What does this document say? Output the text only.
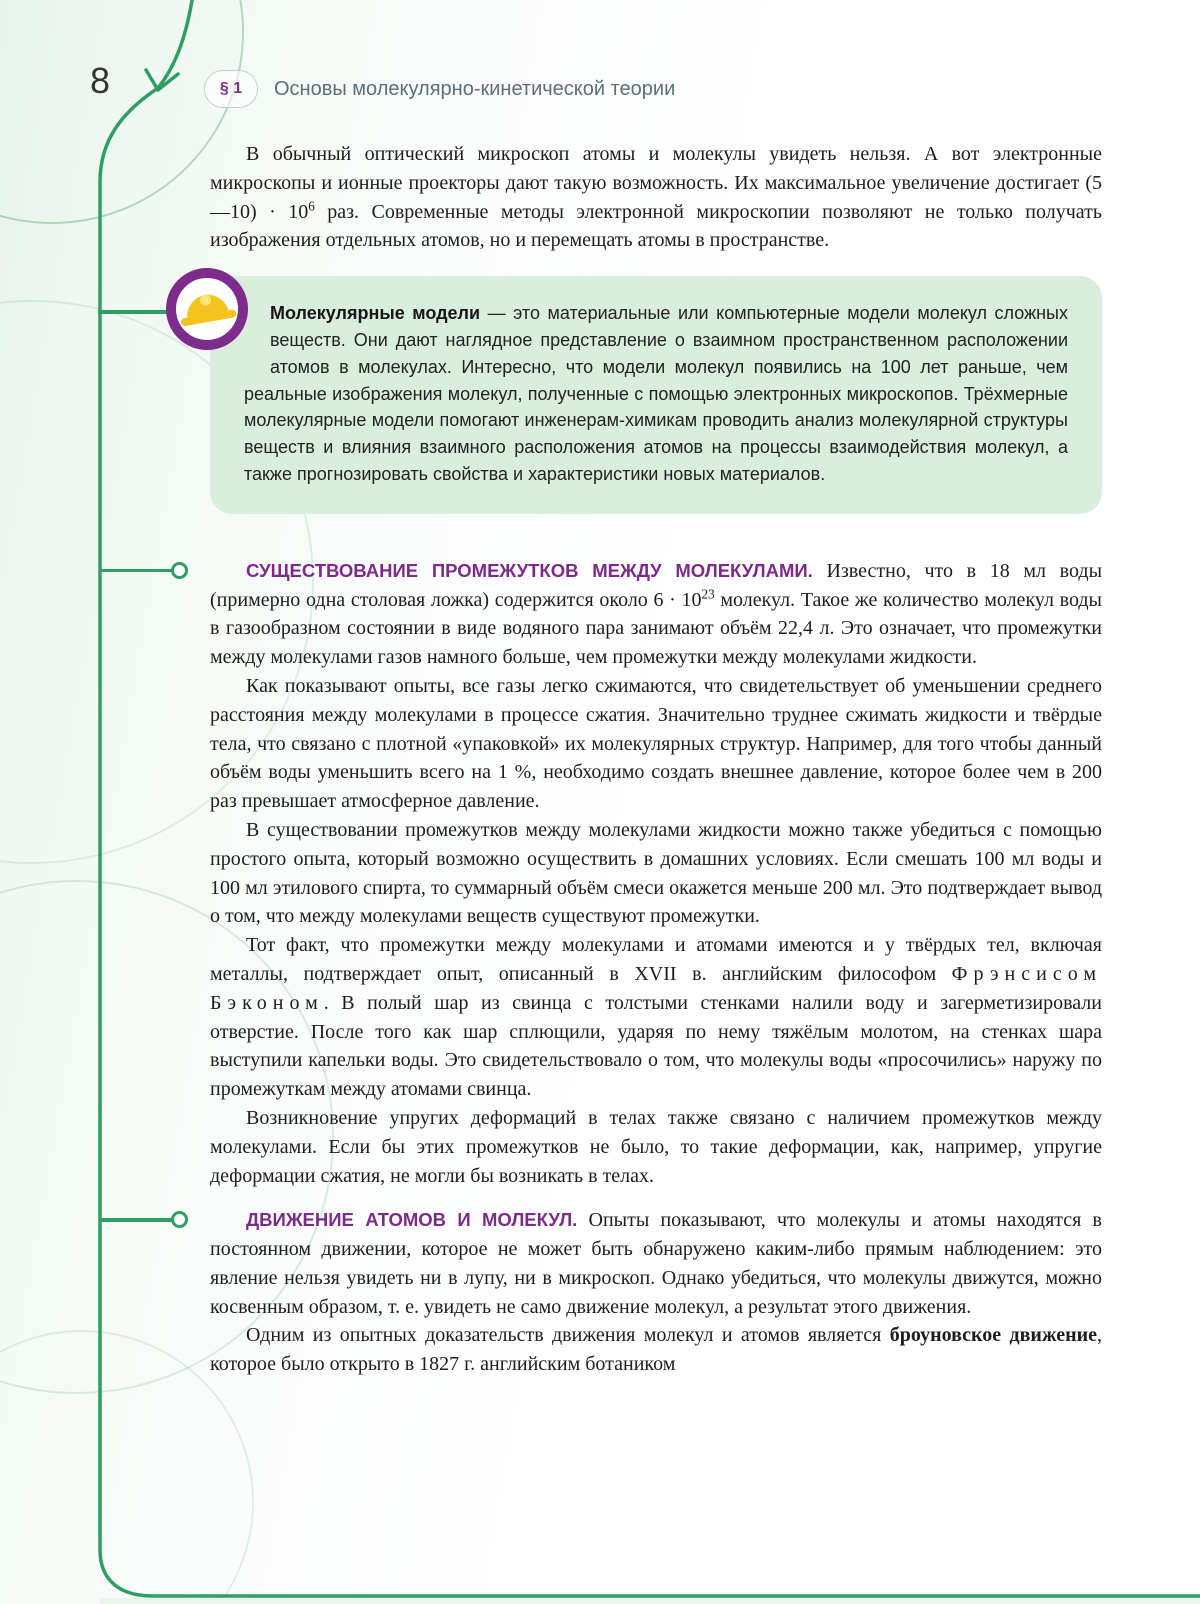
8	§ 1 Основы молекулярно-кинетической теории

В обычный оптический микроскоп атомы и молекулы увидеть нельзя. А вот электронные микроскопы и ионные проекторы дают такую возможность. Их максимальное увеличение достигает (5—10) · $10^6$ раз. Современные методы электронной микроскопии позволяют не только получать изображения отдельных атомов, но и перемещать атомы в пространстве.

Молекулярные модели — это материальные или компьютерные модели молекул сложных веществ. Они дают наглядное представление о взаимном пространственном расположении атомов в молекулах. Интересно, что модели молекул появились на 100 лет раньше, чем реальные изображения молекул, полученные с помощью электронных микроскопов. Трёхмерные молекулярные модели помогают инженерам-химикам проводить анализ молекулярной структуры веществ и влияния взаимного расположения атомов на процессы взаимодействия молекул, а также прогнозировать свойства и характеристики новых материалов.

СУЩЕСТВОВАНИЕ ПРОМЕЖУТКОВ МЕЖДУ МОЛЕКУЛАМИ. Известно, что в 18 мл воды (примерно одна столовая ложка) содержится около $6 \cdot 10^{23}$ молекул. Такое же количество молекул воды в газообразном состоянии в виде водяного пара занимают объём 22,4 л. Это означает, что промежутки между молекулами газов намного больше, чем промежутки между молекулами жидкости.

Как показывают опыты, все газы легко сжимаются, что свидетельствует об уменьшении среднего расстояния между молекулами в процессе сжатия. Значительно труднее сжимать жидкости и твёрдые тела, что связано с плотной «упаковкой» их молекулярных структур. Например, для того чтобы данный объём воды уменьшить всего на 1 %, необходимо создать внешнее давление, которое более чем в 200 раз превышает атмосферное давление.

В существовании промежутков между молекулами жидкости можно также убедиться с помощью простого опыта, который возможно осуществить в домашних условиях. Если смешать 100 мл воды и 100 мл этилового спирта, то суммарный объём смеси окажется меньше 200 мл. Это подтверждает вывод о том, что между молекулами веществ существуют промежутки.

Тот факт, что промежутки между молекулами и атомами имеются и у твёрдых тел, включая металлы, подтверждает опыт, описанный в XVII в. английским философом Фрэнсисом Бэконом. В полый шар из свинца с толстыми стенками налили воду и загерметизировали отверстие. После того как шар сплющили, ударяя по нему тяжёлым молотом, на стенках шара выступили капельки воды. Это свидетельствовало о том, что молекулы воды «просочились» наружу по промежуткам между атомами свинца.

Возникновение упругих деформаций в телах также связано с наличием промежутков между молекулами. Если бы этих промежутков не было, то такие деформации, как, например, упругие деформации сжатия, не могли бы возникать в телах.

ДВИЖЕНИЕ АТОМОВ И МОЛЕКУЛ. Опыты показывают, что молекулы и атомы находятся в постоянном движении, которое не может быть обнаружено каким-либо прямым наблюдением: это явление нельзя увидеть ни в лупу, ни в микроскоп. Однако убедиться, что молекулы движутся, можно косвенным образом, т. е. увидеть не само движение молекул, а результат этого движения.

Одним из опытных доказательств движения молекул и атомов является броуновское движение, которое было открыто в 1827 г. английским ботаником
